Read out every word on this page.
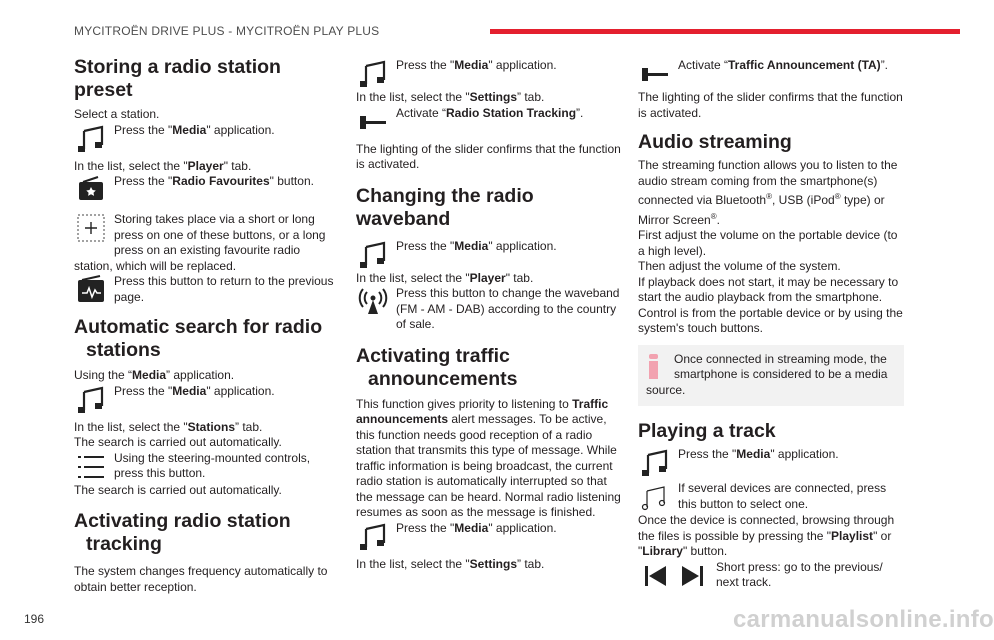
MYCITROËN DRIVE PLUS - MYCITROËN PLAY PLUS
Storing a radio station preset

Select a station.

Press the "Media" application.

In the list, select the "Player" tab.

Press the "Radio Favourites" button.

Storing takes place via a short or long press on one of these buttons, or a long press on an existing favourite radio station, which will be replaced.

Press this button to return to the previous page.
Automatic search for radio
stations

Using the “Media” application.

Press the "Media" application.

In the list, select the "Stations” tab.

The search is carried out automatically.

Using the steering-mounted controls, press this button.

The search is carried out automatically.

Activating radio station
tracking

The system changes frequency automatically to obtain better reception.

Press the "Media" application.

In the list, select the "Settings” tab.

Activate “Radio Station Tracking”.

The lighting of the slider confirms that the function is activated.

Changing the radio waveband
Press the "Media" application.

In the list, select the "Player" tab.

Press this button to change the waveband (FM - AM - DAB) according to the country of sale.

Activating traffic
announcements

This function gives priority to listening to Traffic announcements alert messages. To be active, this function needs good reception of a radio station that transmits this type of message. While traffic information is being broadcast, the current radio station is automatically interrupted so that the message can be heard. Normal radio listening resumes as soon as the message is finished.

Press the "Media" application.

In the list, select the "Settings” tab.

Activate “Traffic Announcement (TA)”.

The lighting of the slider confirms that the function is activated.

Audio streaming

The streaming function allows you to listen to the audio stream coming from the smartphone(s) connected via Bluetooth®, USB (iPod® type) or Mirror Screen®.

First adjust the volume on the portable device (to a high level).

Then adjust the volume of the system.

If playback does not start, it may be necessary to start the audio playback from the smartphone.

Control is from the portable device or by using the system's touch buttons.

Once connected in streaming mode, the smartphone is considered to be a media source.
Playing a track
Press the "Media" application.
If several devices are connected, press this button to select one.

Once the device is connected, browsing through the files is possible by pressing the "Playlist" or "Library" button.

Short press: go to the previous/ next track.
196	carmanualsonline.info
